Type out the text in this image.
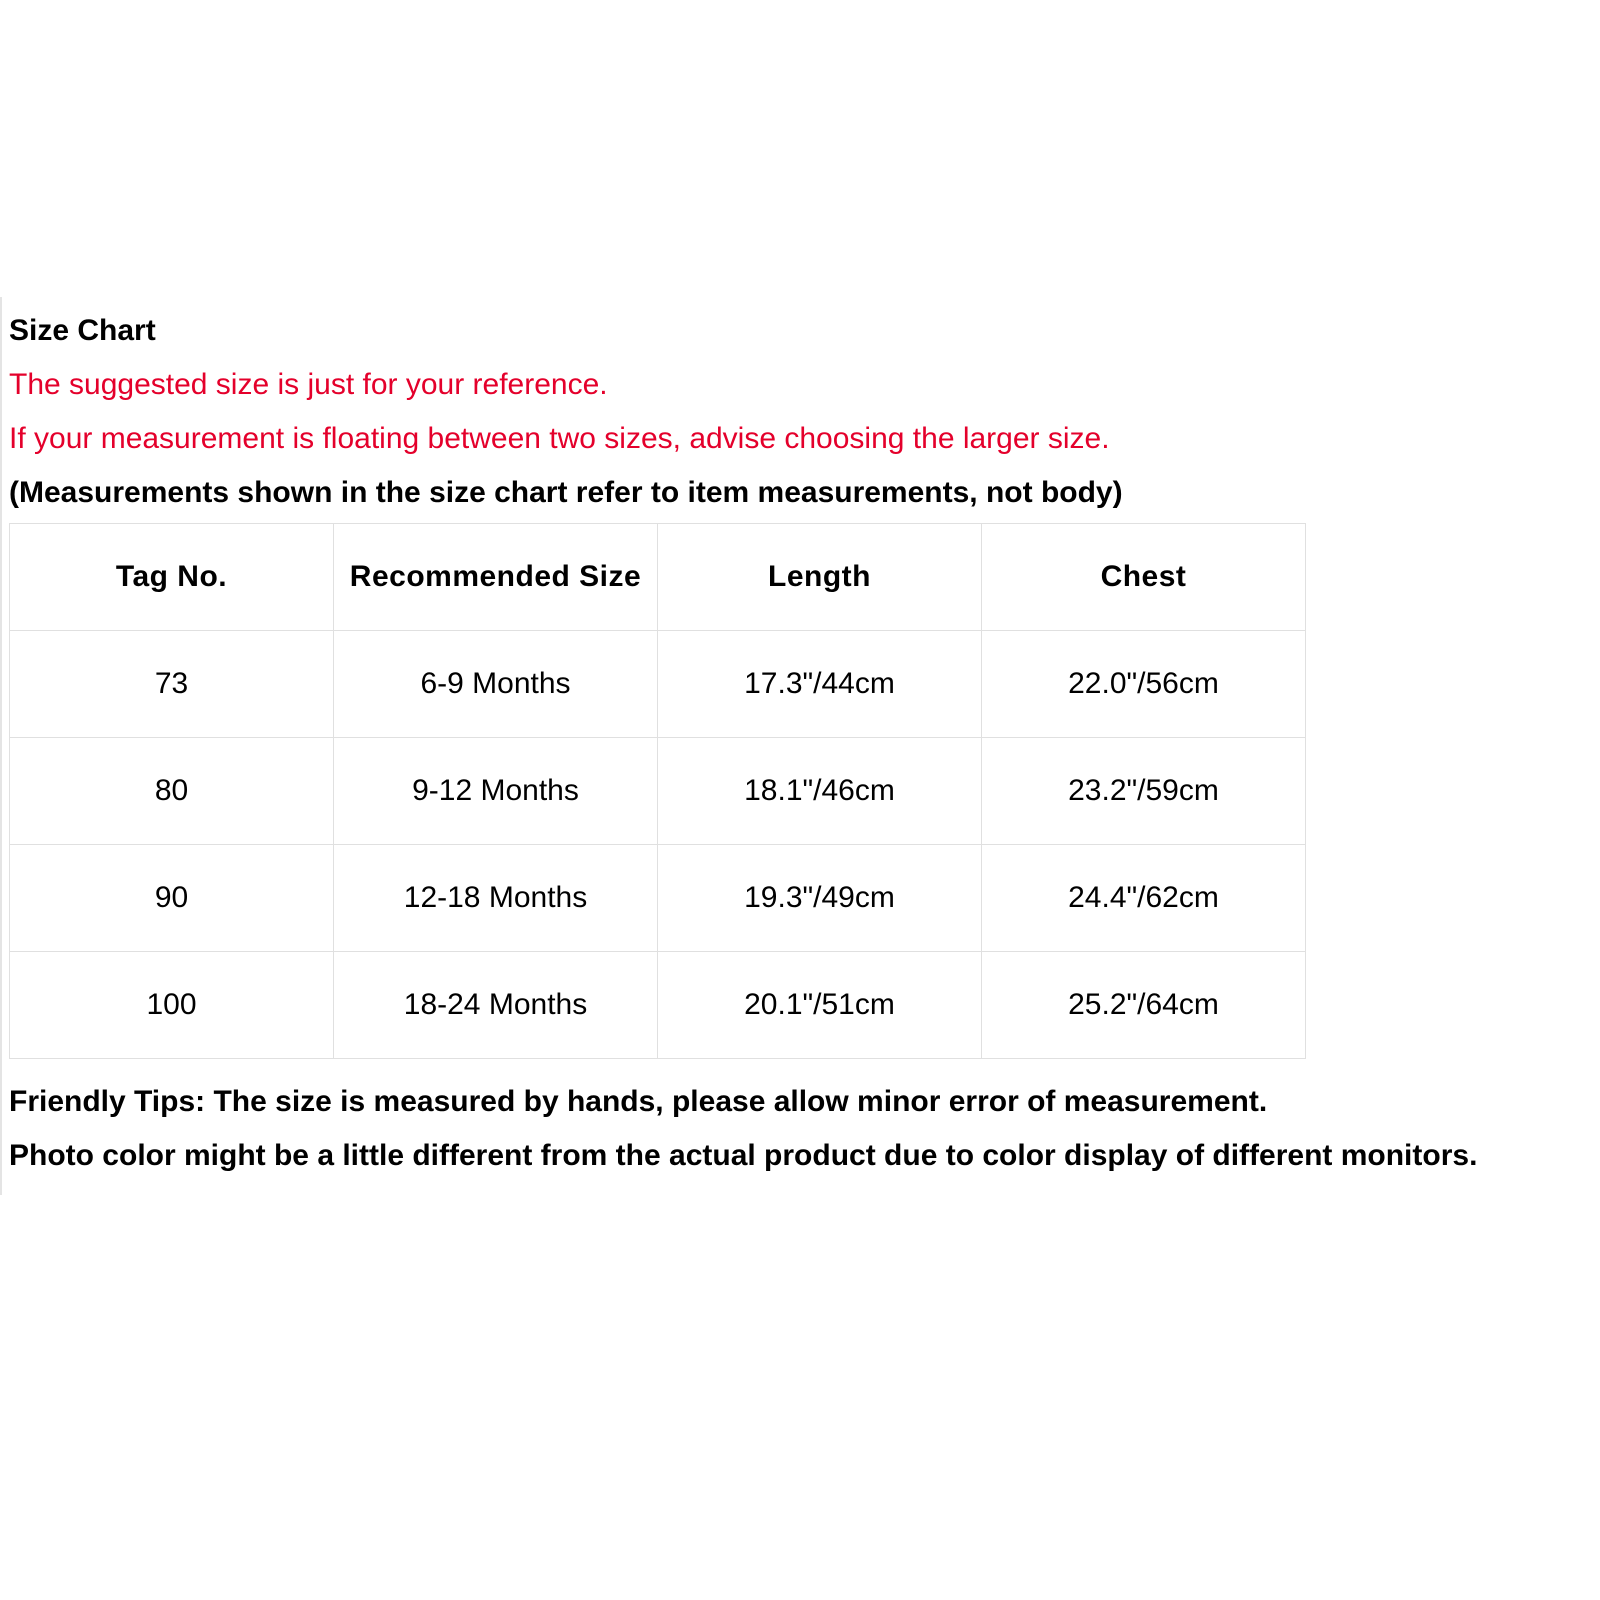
Size Chart
The suggested size is just for your reference.
If your measurement is floating between two sizes, advise choosing the larger size.
(Measurements shown in the size chart refer to item measurements, not body)
Tag No.	Recommended Size	Length	Chest
73	6-9 Months	17.3"/44cm	22.0"/56cm
80	9-12 Months	18.1"/46cm	23.2"/59cm
90	12-18 Months	19.3"/49cm	24.4"/62cm
100	18-24 Months	20.1"/51cm	25.2"/64cm
Friendly Tips: The size is measured by hands, please allow minor error of measurement.
Photo color might be a little different from the actual product due to color display of different monitors.
